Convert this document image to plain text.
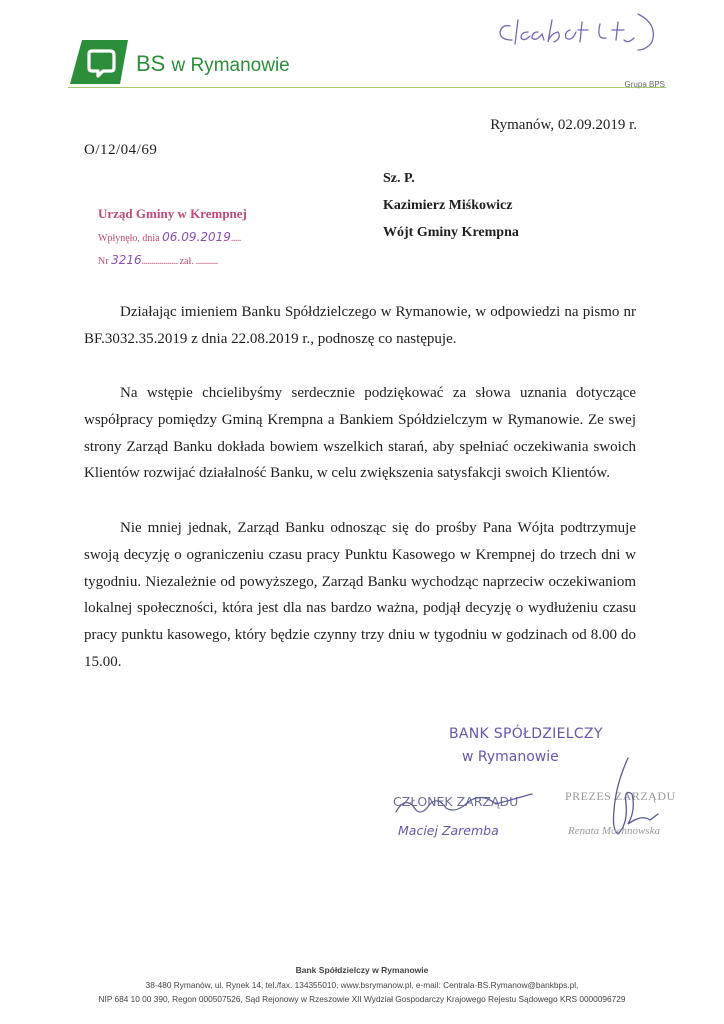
BS w Rymanowie
Grupa BPS
Rymanów, 02.09.2019 r.
O/12/04/69
Sz. P.
Kazimierz Miśkowicz
Wójt Gminy Krempna
Urząd Gminy w Krempnej
Wpłynęło, dnia 06.09.2019.....
Nr 3216.................. zał. ...........

Działając imieniem Banku Spółdzielczego w Rymanowie, w odpowiedzi na pismo nr BF.3032.35.2019 z dnia 22.08.2019 r., podnoszę co następuje.

Na wstępie chcielibyśmy serdecznie podziękować za słowa uznania dotyczące współpracy pomiędzy Gminą Krempna a Bankiem Spółdzielczym w Rymanowie. Ze swej strony Zarząd Banku dokłada bowiem wszelkich starań, aby spełniać oczekiwania swoich Klientów rozwijać działalność Banku, w celu zwiększenia satysfakcji swoich Klientów.

Nie mniej jednak, Zarząd Banku odnosząc się do prośby Pana Wójta podtrzymuje swoją decyzję o ograniczeniu czasu pracy Punktu Kasowego w Krempnej do trzech dni w tygodniu. Niezależnie od powyższego, Zarząd Banku wychodząc naprzeciw oczekiwaniom lokalnej społeczności, która jest dla nas bardzo ważna, podjął decyzję o wydłużeniu czasu pracy punktu kasowego, który będzie czynny trzy dniu w tygodniu w godzinach od 8.00 do 15.00.

BANK SPÓŁDZIELCZY
w Rymanowie
CZŁONEK ZARZĄDU
Maciej Zaremba
PREZES ZARZĄDU
Renata Mochnowska
Bank Spółdzielczy w Rymanowie
38-480 Rymanów, ul. Rynek 14, tel./fax. 134355010, www.bsrymanow.pl, e-mail: Centrala-BS.Rymanow@bankbps.pl,
NIP 684 10 00 390, Regon 000507526, Sąd Rejonowy w Rzeszowie XII Wydział Gospodarczy Krajowego Rejestu Sądowego KRS 0000096729
